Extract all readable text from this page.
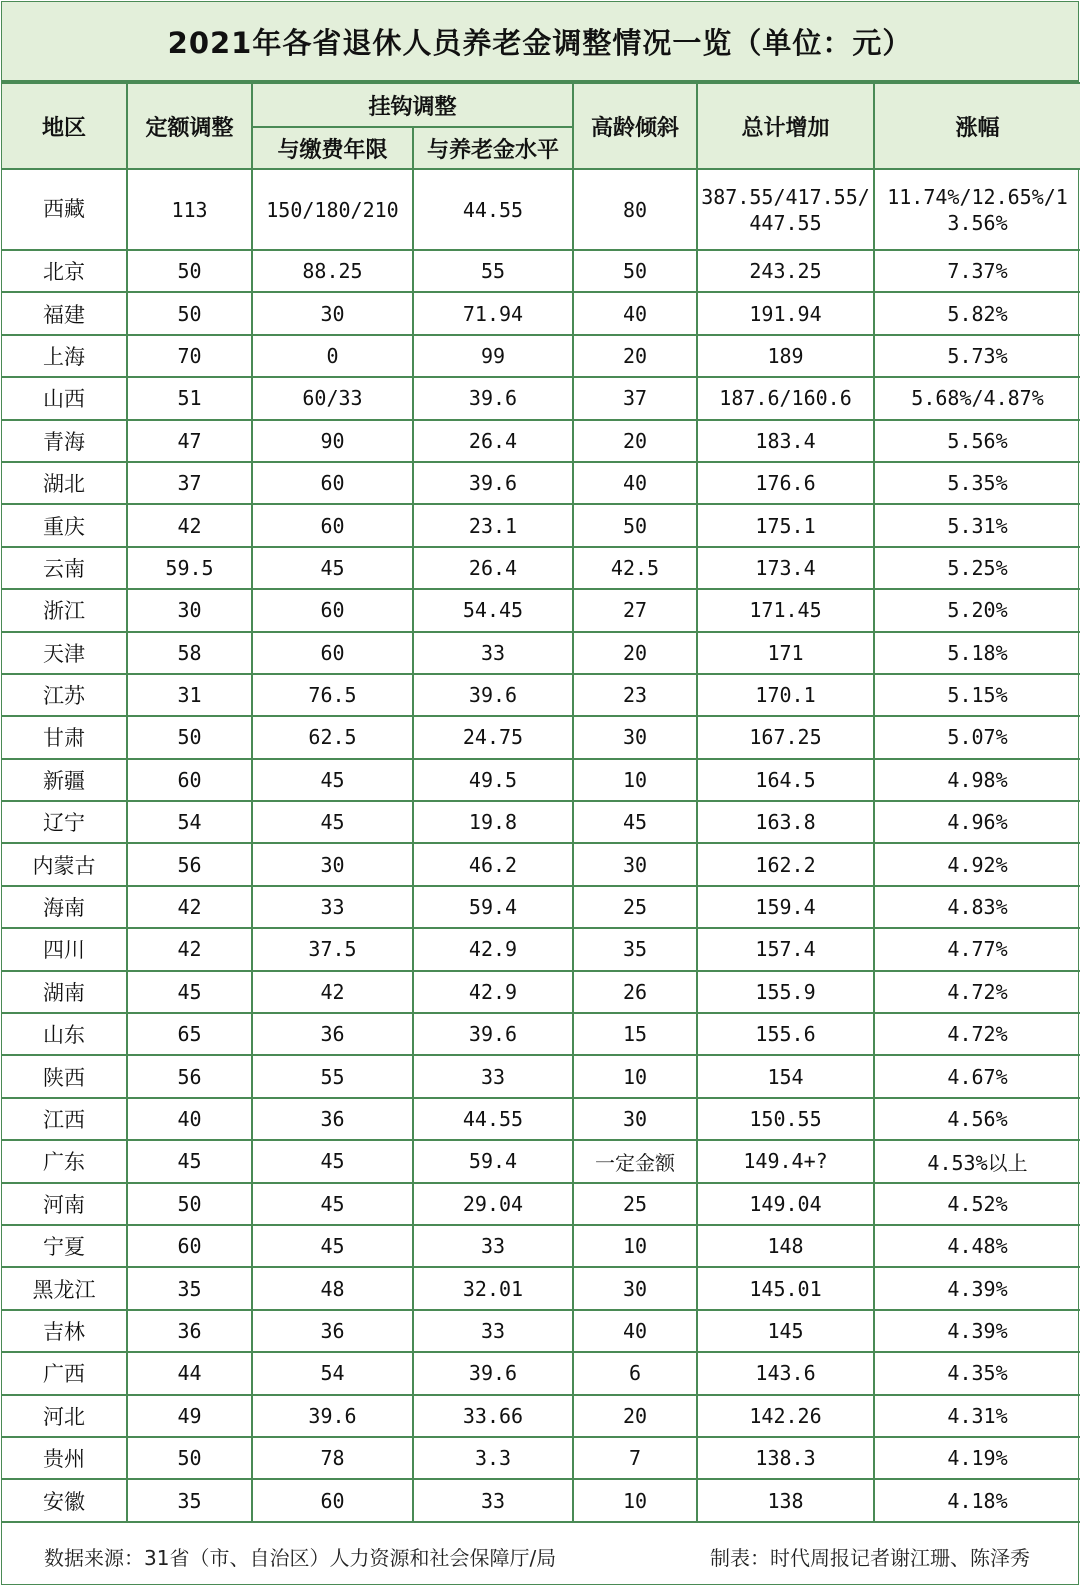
2021年各省退休人员养老金调整情况一览（单位：元）
地区	定额调整	挂钩调整		高龄倾斜	总计增加	涨幅
		与缴费年限	与养老金水平			
西藏	113	150/180/210	44.55	80	387.55/417.55/447.55	11.74%/12.65%/13.56%
北京	50	88.25	55	50	243.25	7.37%
福建	50	30	71.94	40	191.94	5.82%
上海	70	0	99	20	189	5.73%
山西	51	60/33	39.6	37	187.6/160.6	5.68%/4.87%
青海	47	90	26.4	20	183.4	5.56%
湖北	37	60	39.6	40	176.6	5.35%
重庆	42	60	23.1	50	175.1	5.31%
云南	59.5	45	26.4	42.5	173.4	5.25%
浙江	30	60	54.45	27	171.45	5.20%
天津	58	60	33	20	171	5.18%
江苏	31	76.5	39.6	23	170.1	5.15%
甘肃	50	62.5	24.75	30	167.25	5.07%
新疆	60	45	49.5	10	164.5	4.98%
辽宁	54	45	19.8	45	163.8	4.96%
内蒙古	56	30	46.2	30	162.2	4.92%
海南	42	33	59.4	25	159.4	4.83%
四川	42	37.5	42.9	35	157.4	4.77%
湖南	45	42	42.9	26	155.9	4.72%
山东	65	36	39.6	15	155.6	4.72%
陕西	56	55	33	10	154	4.67%
江西	40	36	44.55	30	150.55	4.56%
广东	45	45	59.4	一定金额	149.4+?	4.53%以上
河南	50	45	29.04	25	149.04	4.52%
宁夏	60	45	33	10	148	4.48%
黑龙江	35	48	32.01	30	145.01	4.39%
吉林	36	36	33	40	145	4.39%
广西	44	54	39.6	6	143.6	4.35%
河北	49	39.6	33.66	20	142.26	4.31%
贵州	50	78	3.3	7	138.3	4.19%
安徽	35	60	33	10	138	4.18%
数据来源：31省（市、自治区）人力资源和社会保障厅/局	制表：时代周报记者谢江珊、陈泽秀
